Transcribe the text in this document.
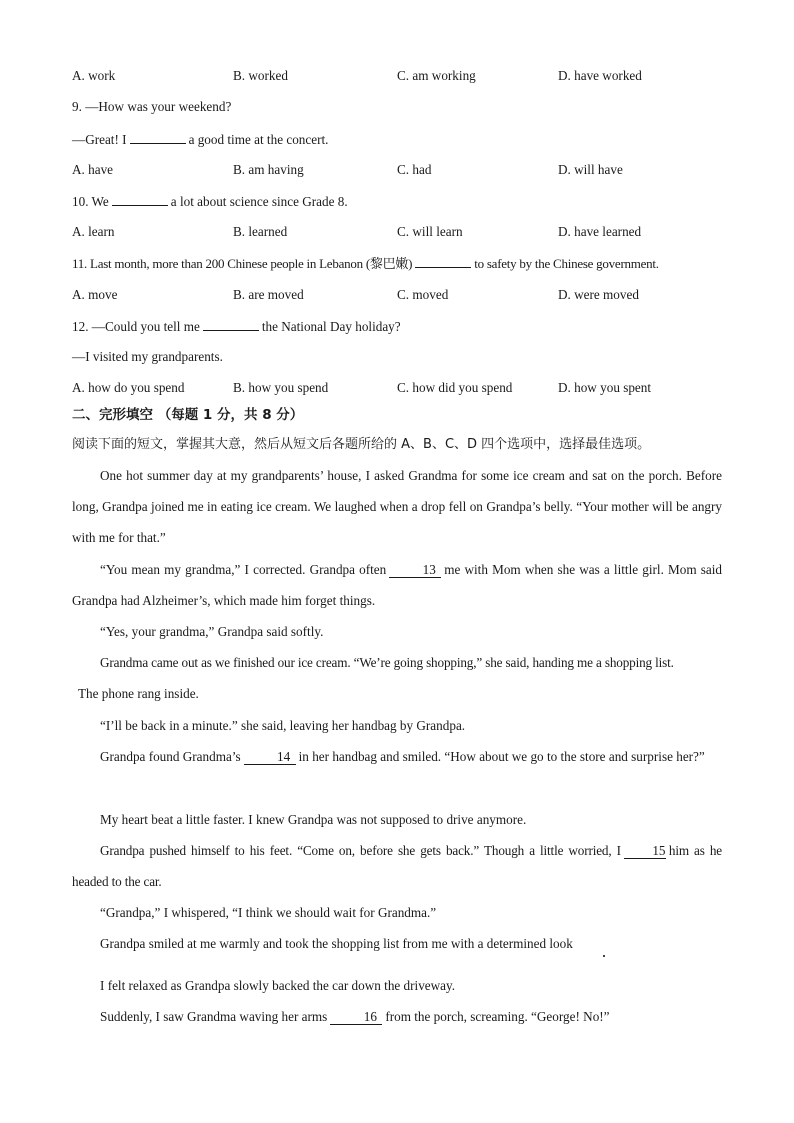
A. work	B. worked	C. am working	D. have worked
9. —How was your weekend?
—Great! I	a good time at the concert.
A. have	B. am having	C. had	D. will have
10. We	a lot about science since Grade 8.
A. learn	B. learned	C. will learn	D. have learned
11. Last month, more than 200 Chinese people in Lebanon (黎巴嫩)	to safety by the Chinese government.
A. move	B. are moved	C. moved	D. were moved
12. —Could you tell me	the National Day holiday?
—I visited my grandparents.
A. how do you spend	B. how you spend	C. how did you spend	D. how you spent
二、完形填空 （每题 1 分，共 8 分）
阅读下面的短文，掌握其大意，然后从短文后各题所给的 A、B、C、D 四个选项中，选择最佳选项。
One hot summer day at my grandparents’ house, I asked Grandma for some ice cream and sat on the porch. Before long, Grandpa joined me in eating ice cream. We laughed when a drop fell on Grandpa’s belly. “Your mother will be angry with me for that.”
“You mean my grandma,” I corrected. Grandpa often	13 me with Mom when she was a little girl. Mom said Grandpa had Alzheimer’s, which made him forget things.
“Yes, your grandma,” Grandpa said softly.
Grandma came out as we finished our ice cream. “We’re going shopping,” she said, handing me a shopping list.
The phone rang inside.
“I’ll be back in a minute.” she said, leaving her handbag by Grandpa.
Grandpa found Grandma’s	14 in her handbag and smiled. “How about we go to the store and surprise her?”
My heart beat a little faster. I knew Grandpa was not supposed to drive anymore.
Grandpa pushed himself to his feet. “Come on, before she gets back.” Though a little worried, I 15 him as he headed to the car.
“Grandpa,” I whispered, “I think we should wait for Grandma.”
Grandpa smiled at me warmly and took the shopping list from me with a determined look
I felt relaxed as Grandpa slowly backed the car down the driveway.
Suddenly, I saw Grandma waving her arms	16 from the porch, screaming. “George! No!”
